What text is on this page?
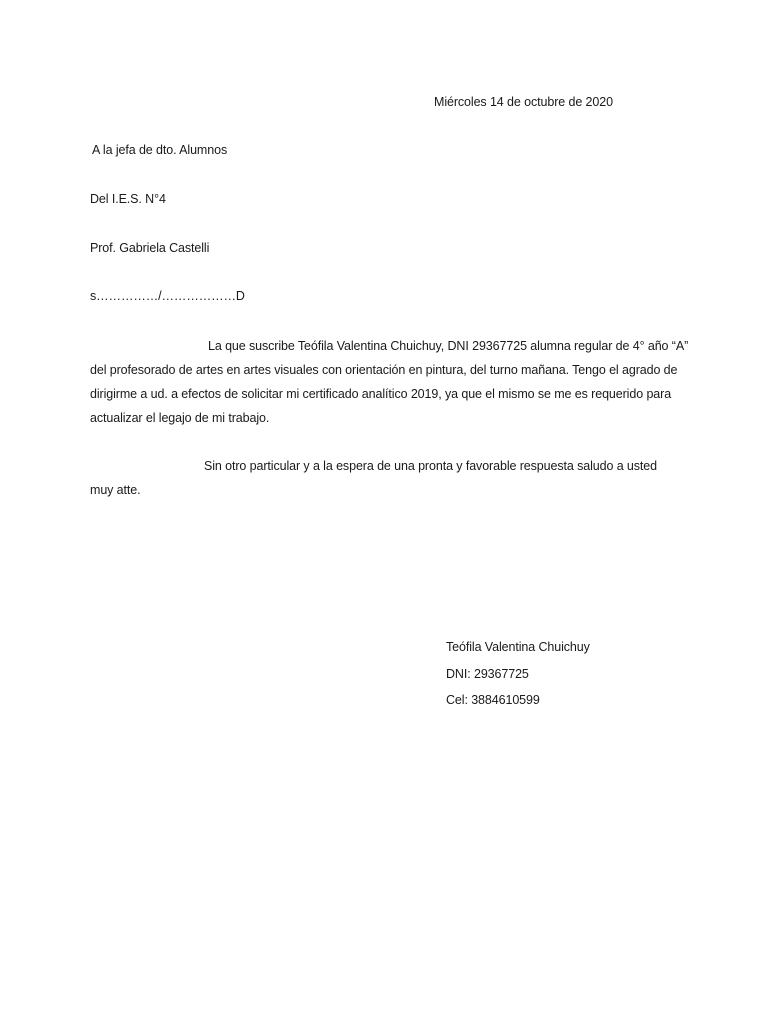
Miércoles 14 de octubre de 2020
A la jefa de dto. Alumnos
Del I.E.S. N°4
Prof. Gabriela Castelli
s……………/………………D
La que suscribe Teófila Valentina Chuichuy, DNI 29367725 alumna regular de 4° año “A” del profesorado de artes en artes visuales con orientación en pintura, del turno mañana. Tengo el agrado de dirigirme a ud. a efectos de solicitar mi certificado analítico 2019, ya que el mismo se me es requerido para actualizar el legajo de mi trabajo.
Sin otro particular y a la espera de una pronta y favorable respuesta saludo a usted muy atte.
Teófila Valentina Chuichuy
DNI: 29367725
Cel: 3884610599
